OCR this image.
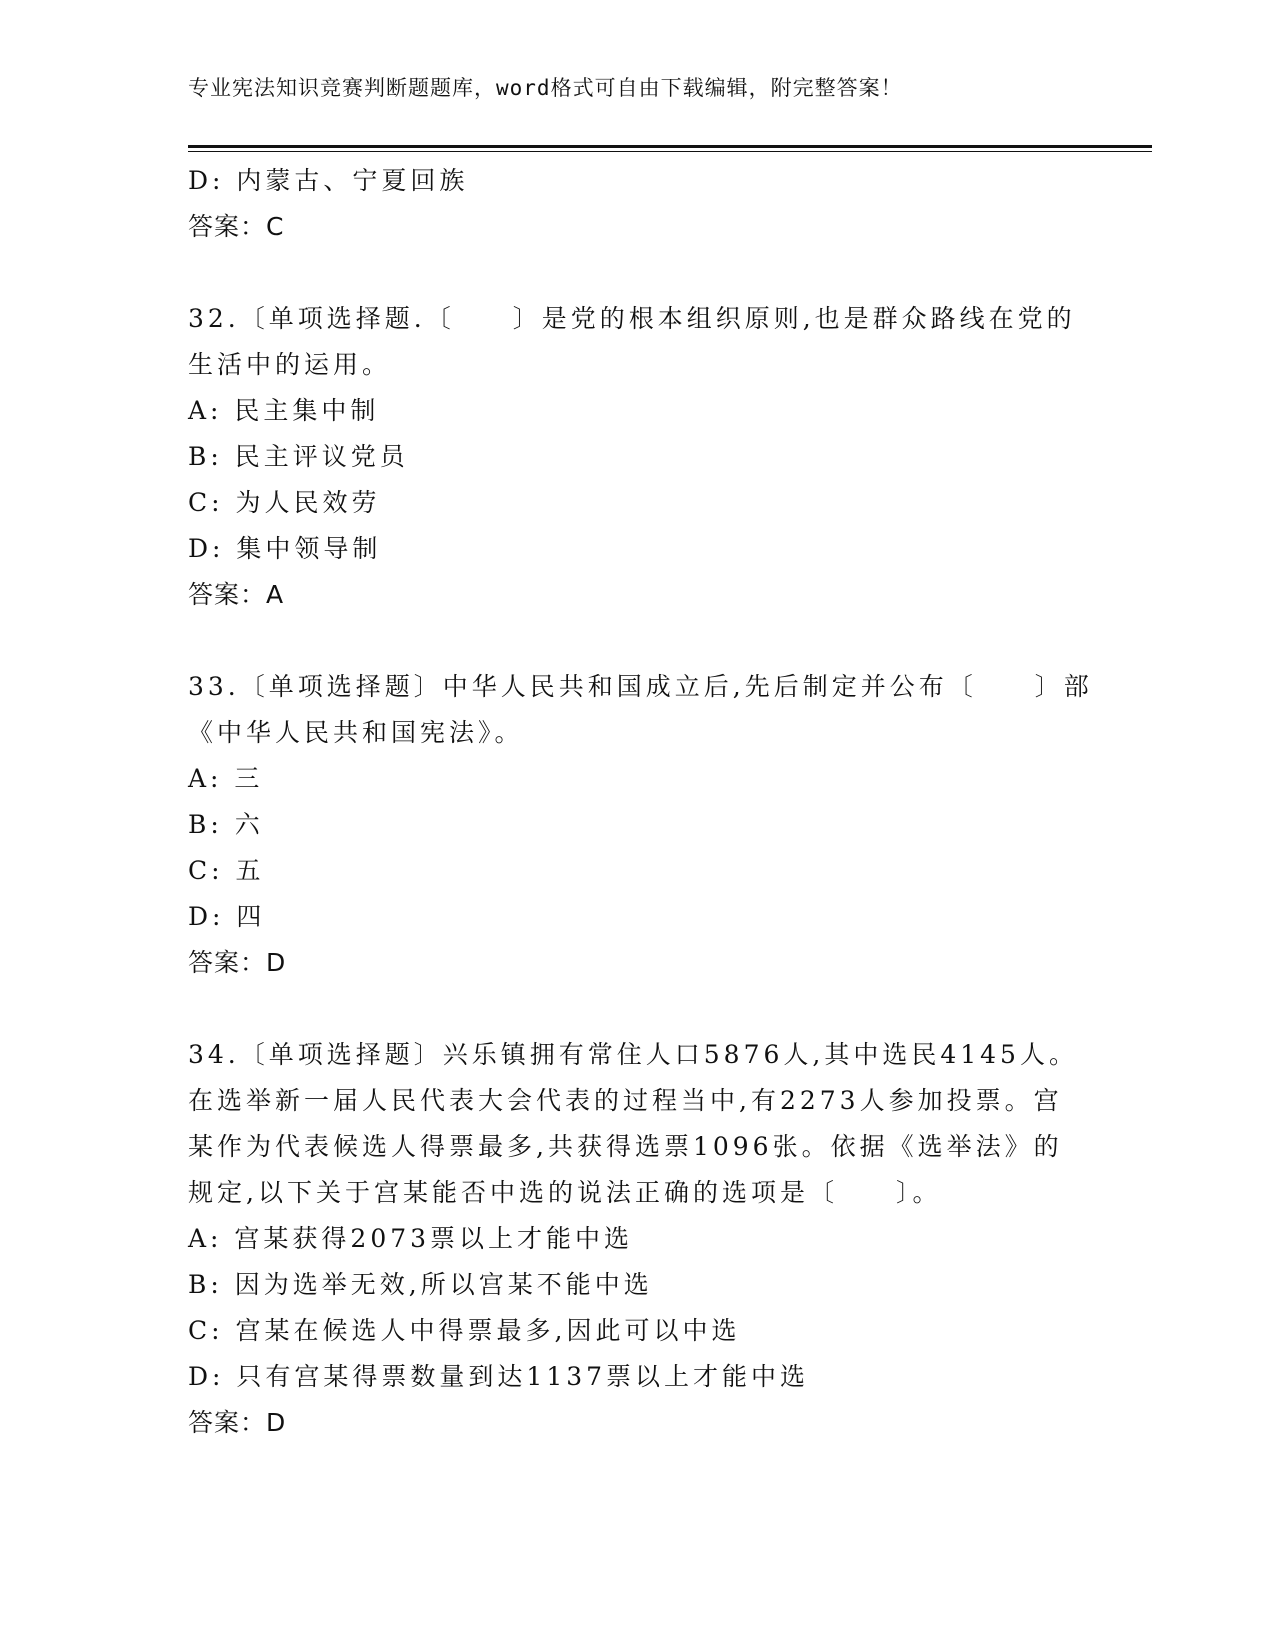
专业宪法知识竞赛判断题题库，word格式可自由下载编辑，附完整答案！
D: 内蒙古、宁夏回族
答案：C
32.〔单项选择题.〔　　〕是党的根本组织原则,也是群众路线在党的
生活中的运用。
A: 民主集中制
B: 民主评议党员
C: 为人民效劳
D: 集中领导制
答案：A
33.〔单项选择题〕中华人民共和国成立后,先后制定并公布〔　　〕部
《中华人民共和国宪法》。
A: 三
B: 六
C: 五
D: 四
答案：D
34.〔单项选择题〕兴乐镇拥有常住人口5876人,其中选民4145人。
在选举新一届人民代表大会代表的过程当中,有2273人参加投票。宫
某作为代表候选人得票最多,共获得选票1096张。依据《选举法》的
规定,以下关于宫某能否中选的说法正确的选项是〔　　〕。
A: 宫某获得2073票以上才能中选
B: 因为选举无效,所以宫某不能中选
C: 宫某在候选人中得票最多,因此可以中选
D: 只有宫某得票数量到达1137票以上才能中选
答案：D
